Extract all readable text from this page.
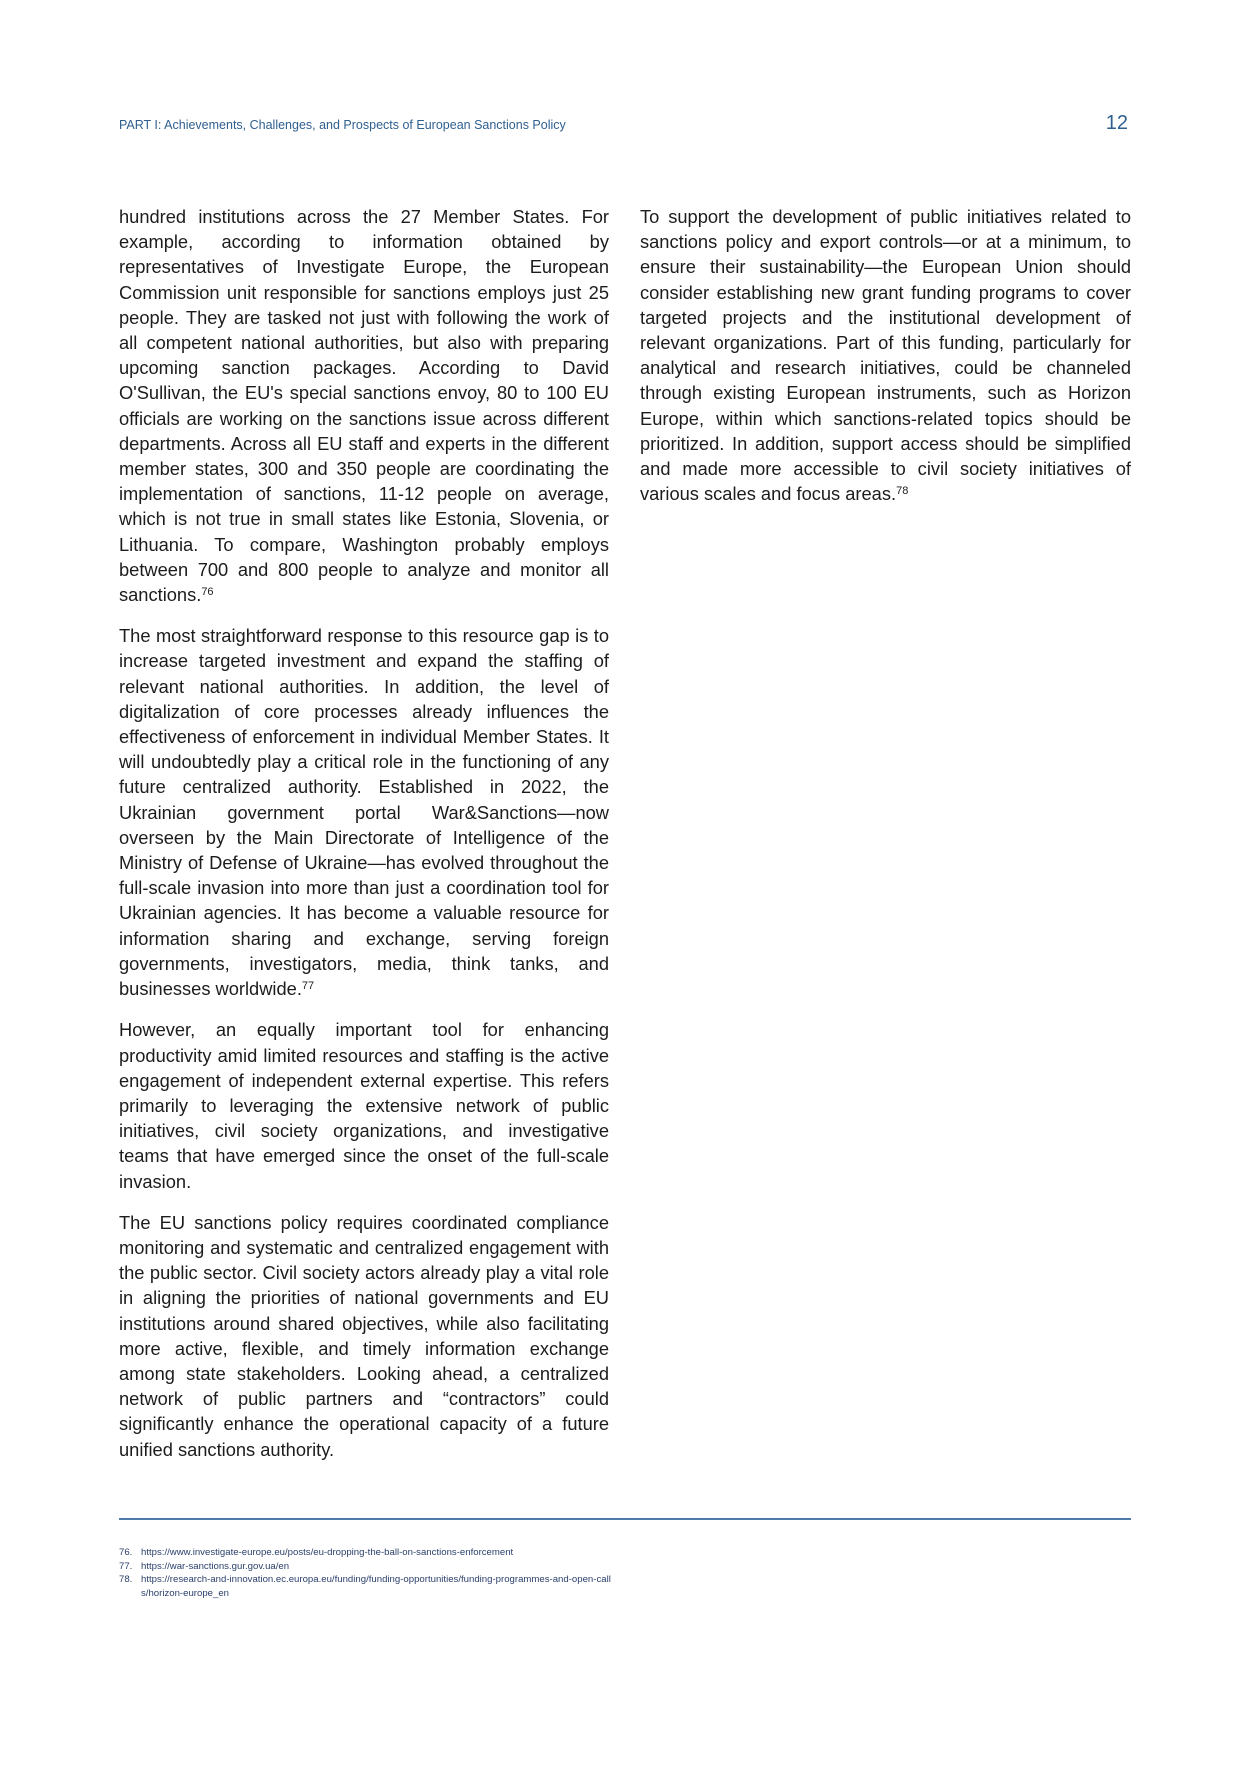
PART I: Achievements, Challenges, and Prospects of European Sanctions Policy	12

hundred institutions across the 27 Member States. For example, according to information obtained by representatives of Investigate Europe, the European Commission unit responsible for sanctions employs just 25 people. They are tasked not just with following the work of all competent national authorities, but also with preparing upcoming sanction packages. According to David O'Sullivan, the EU's special sanctions envoy, 80 to 100 EU officials are working on the sanctions issue across different departments. Across all EU staff and experts in the different member states, 300 and 350 people are coordinating the implementation of sanctions, 11-12 people on average, which is not true in small states like Estonia, Slovenia, or Lithuania. To compare, Washington probably employs between 700 and 800 people to analyze and monitor all sanctions.$^{76}$

The most straightforward response to this resource gap is to increase targeted investment and expand the staffing of relevant national authorities. In addition, the level of digitalization of core processes already influences the effectiveness of enforcement in individual Member States. It will undoubtedly play a critical role in the functioning of any future centralized authority. Established in 2022, the Ukrainian government portal War&Sanctions—now overseen by the Main Directorate of Intelligence of the Ministry of Defense of Ukraine—has evolved throughout the full-scale invasion into more than just a coordination tool for Ukrainian agencies. It has become a valuable resource for information sharing and exchange, serving foreign governments, investigators, media, think tanks, and businesses worldwide.$^{77}$

However, an equally important tool for enhancing productivity amid limited resources and staffing is the active engagement of independent external expertise. This refers primarily to leveraging the extensive network of public initiatives, civil society organizations, and investigative teams that have emerged since the onset of the full-scale invasion.

The EU sanctions policy requires coordinated compliance monitoring and systematic and centralized engagement with the public sector. Civil society actors already play a vital role in aligning the priorities of national governments and EU institutions around shared objectives, while also facilitating more active, flexible, and timely information exchange among state stakeholders. Looking ahead, a centralized network of public partners and “contractors” could significantly enhance the operational capacity of a future unified sanctions authority.

To support the development of public initiatives related to sanctions policy and export controls—or at a minimum, to ensure their sustainability—the European Union should consider establishing new grant funding programs to cover targeted projects and the institutional development of relevant organizations. Part of this funding, particularly for analytical and research initiatives, could be channeled through existing European instruments, such as Horizon Europe, within which sanctions-related topics should be prioritized. In addition, support access should be simplified and made more accessible to civil society initiatives of various scales and focus areas.$^{78}$

76. https://www.investigate-europe.eu/posts/eu-dropping-the-ball-on-sanctions-enforcement
77. https://war-sanctions.gur.gov.ua/en
78. https://research-and-innovation.ec.europa.eu/funding/funding-opportunities/funding-programmes-and-open-calls/horizon-europe_en
